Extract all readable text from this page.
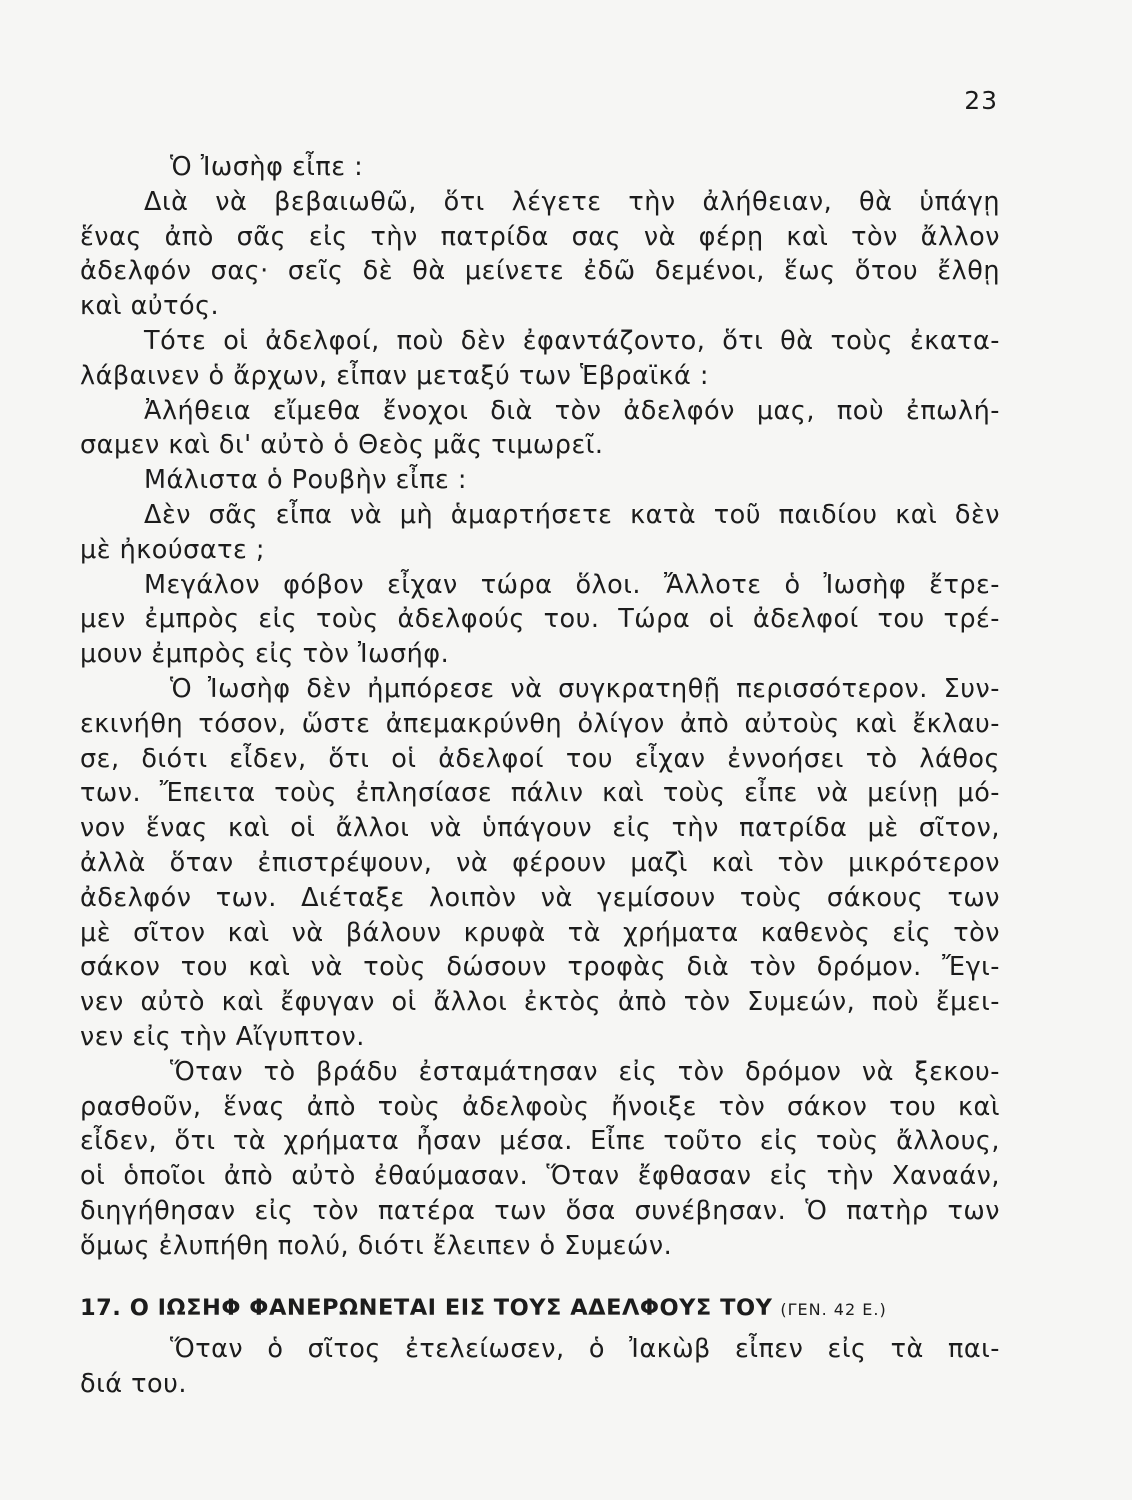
23
Ὁ Ἰωσὴφ εἶπε :
Διὰ νὰ βεβαιωθῶ, ὅτι λέγετε τὴν ἀλήθειαν, θὰ ὑπάγῃ
ἕνας ἀπὸ σᾶς εἰς τὴν πατρίδα σας νὰ φέρῃ καὶ τὸν ἄλλον
ἀδελφόν σας· σεῖς δὲ θὰ μείνετε ἐδῶ δεμένοι, ἕως ὅτου ἔλθῃ
καὶ αὐτός.
Τότε οἱ ἀδελφοί, ποὺ δὲν ἐφαντάζοντο, ὅτι θὰ τοὺς ἐκατα-
λάβαινεν ὁ ἄρχων, εἶπαν μεταξύ των Ἑβραϊκά :
Ἀλήθεια εἴμεθα ἔνοχοι διὰ τὸν ἀδελφόν μας, ποὺ ἐπωλή-
σαμεν καὶ δι' αὐτὸ ὁ Θεὸς μᾶς τιμωρεῖ.
Μάλιστα ὁ Ρουβὴν εἶπε :
Δὲν σᾶς εἶπα νὰ μὴ ἁμαρτήσετε κατὰ τοῦ παιδίου καὶ δὲν
μὲ ἠκούσατε ;
Μεγάλον φόβον εἶχαν τώρα ὅλοι. Ἄλλοτε ὁ Ἰωσὴφ ἔτρε-
μεν ἐμπρὸς εἰς τοὺς ἀδελφούς του. Τώρα οἱ ἀδελφοί του τρέ-
μουν ἐμπρὸς εἰς τὸν Ἰωσήφ.
Ὁ Ἰωσὴφ δὲν ἠμπόρεσε νὰ συγκρατηθῇ περισσότερον. Συν-
εκινήθη τόσον, ὥστε ἀπεμακρύνθη ὀλίγον ἀπὸ αὐτοὺς καὶ ἔκλαυ-
σε, διότι εἶδεν, ὅτι οἱ ἀδελφοί του εἶχαν ἐννοήσει τὸ λάθος
των. Ἔπειτα τοὺς ἐπλησίασε πάλιν καὶ τοὺς εἶπε νὰ μείνῃ μό-
νον ἕνας καὶ οἱ ἄλλοι νὰ ὑπάγουν εἰς τὴν πατρίδα μὲ σῖτον,
ἀλλὰ ὅταν ἐπιστρέψουν, νὰ φέρουν μαζὶ καὶ τὸν μικρότερον
ἀδελφόν των. Διέταξε λοιπὸν νὰ γεμίσουν τοὺς σάκους των
μὲ σῖτον καὶ νὰ βάλουν κρυφὰ τὰ χρήματα καθενὸς εἰς τὸν
σάκον του καὶ νὰ τοὺς δώσουν τροφὰς διὰ τὸν δρόμον. Ἔγι-
νεν αὐτὸ καὶ ἔφυγαν οἱ ἄλλοι ἐκτὸς ἀπὸ τὸν Συμεών, ποὺ ἔμει-
νεν εἰς τὴν Αἴγυπτον.
Ὅταν τὸ βράδυ ἐσταμάτησαν εἰς τὸν δρόμον νὰ ξεκου-
ρασθοῦν, ἕνας ἀπὸ τοὺς ἀδελφοὺς ἤνοιξε τὸν σάκον του καὶ
εἶδεν, ὅτι τὰ χρήματα ἦσαν μέσα. Εἶπε τοῦτο εἰς τοὺς ἄλλους,
οἱ ὁποῖοι ἀπὸ αὐτὸ ἐθαύμασαν. Ὅταν ἔφθασαν εἰς τὴν Χαναάν,
διηγήθησαν εἰς τὸν πατέρα των ὅσα συνέβησαν. Ὁ πατὴρ των
ὅμως ἐλυπήθη πολύ, διότι ἔλειπεν ὁ Συμεών.
17. Ο ΙΩΣΗΦ ΦΑΝΕΡΩΝΕΤΑΙ ΕΙΣ ΤΟΥΣ ΑΔΕΛΦΟΥΣ ΤΟΥ (ΓΕΝ. 42 Ε.)
Ὅταν ὁ σῖτος ἐτελείωσεν, ὁ Ἰακὼβ εἶπεν εἰς τὰ παι-
διά του.
